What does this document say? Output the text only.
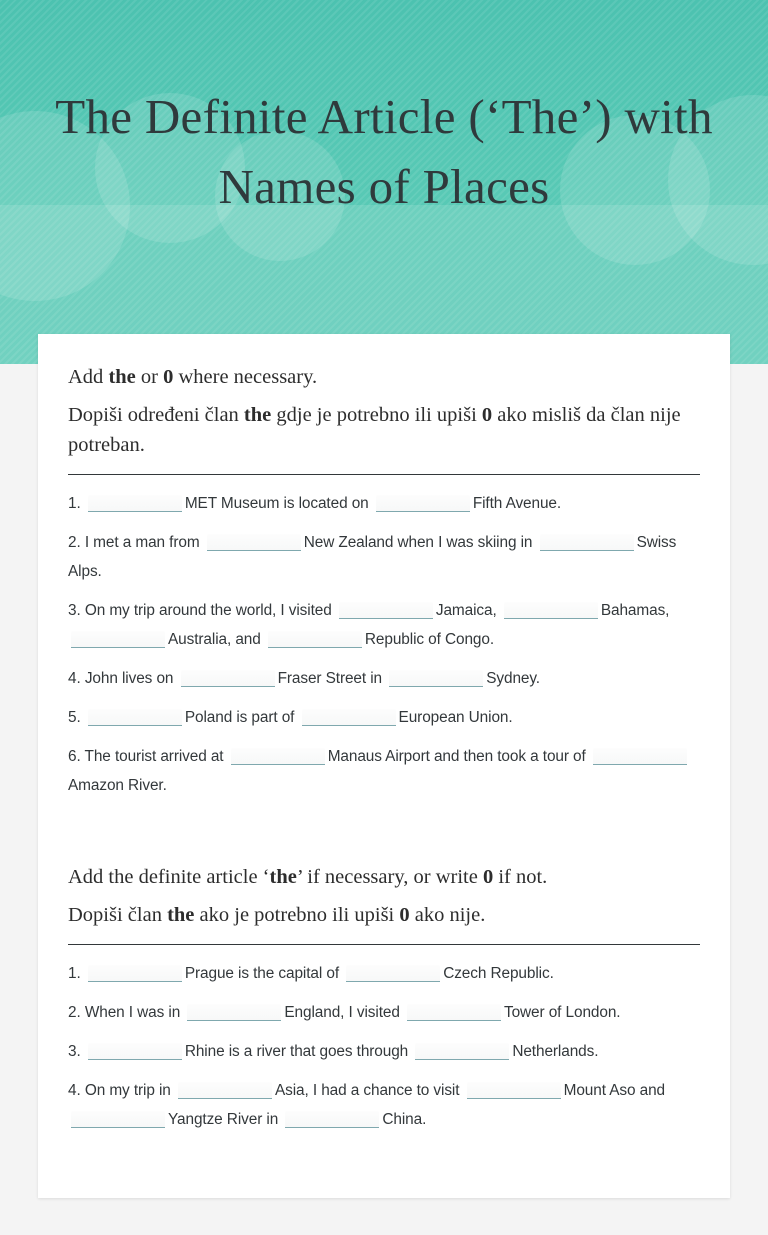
The Definite Article (‘The’) with Names of Places
Add the or 0 where necessary.
Dopiši određeni član the gdje je potrebno ili upiši 0 ako misliš da član nije potreban.
1.	MET Museum is located on	Fifth Avenue.
2. I met a man from	New Zealand when I was skiing in	Swiss Alps.
3. On my trip around the world, I visited	Jamaica,	Bahamas, Australia, and	Republic of Congo.
4. John lives on	Fraser Street in	Sydney.
5.	Poland is part of	European Union.
6. The tourist arrived at	Manaus Airport and then took a tour of Amazon River.
Add the definite article ‘the’ if necessary, or write 0 if not.
Dopiši član the ako je potrebno ili upiši 0 ako nije.
1.	Prague is the capital of	Czech Republic.
2. When I was in	England, I visited	Tower of London.
3.	Rhine is a river that goes through	Netherlands.
4. On my trip in	Asia, I had a chance to visit	Mount Aso and Yangtze River in	China.
